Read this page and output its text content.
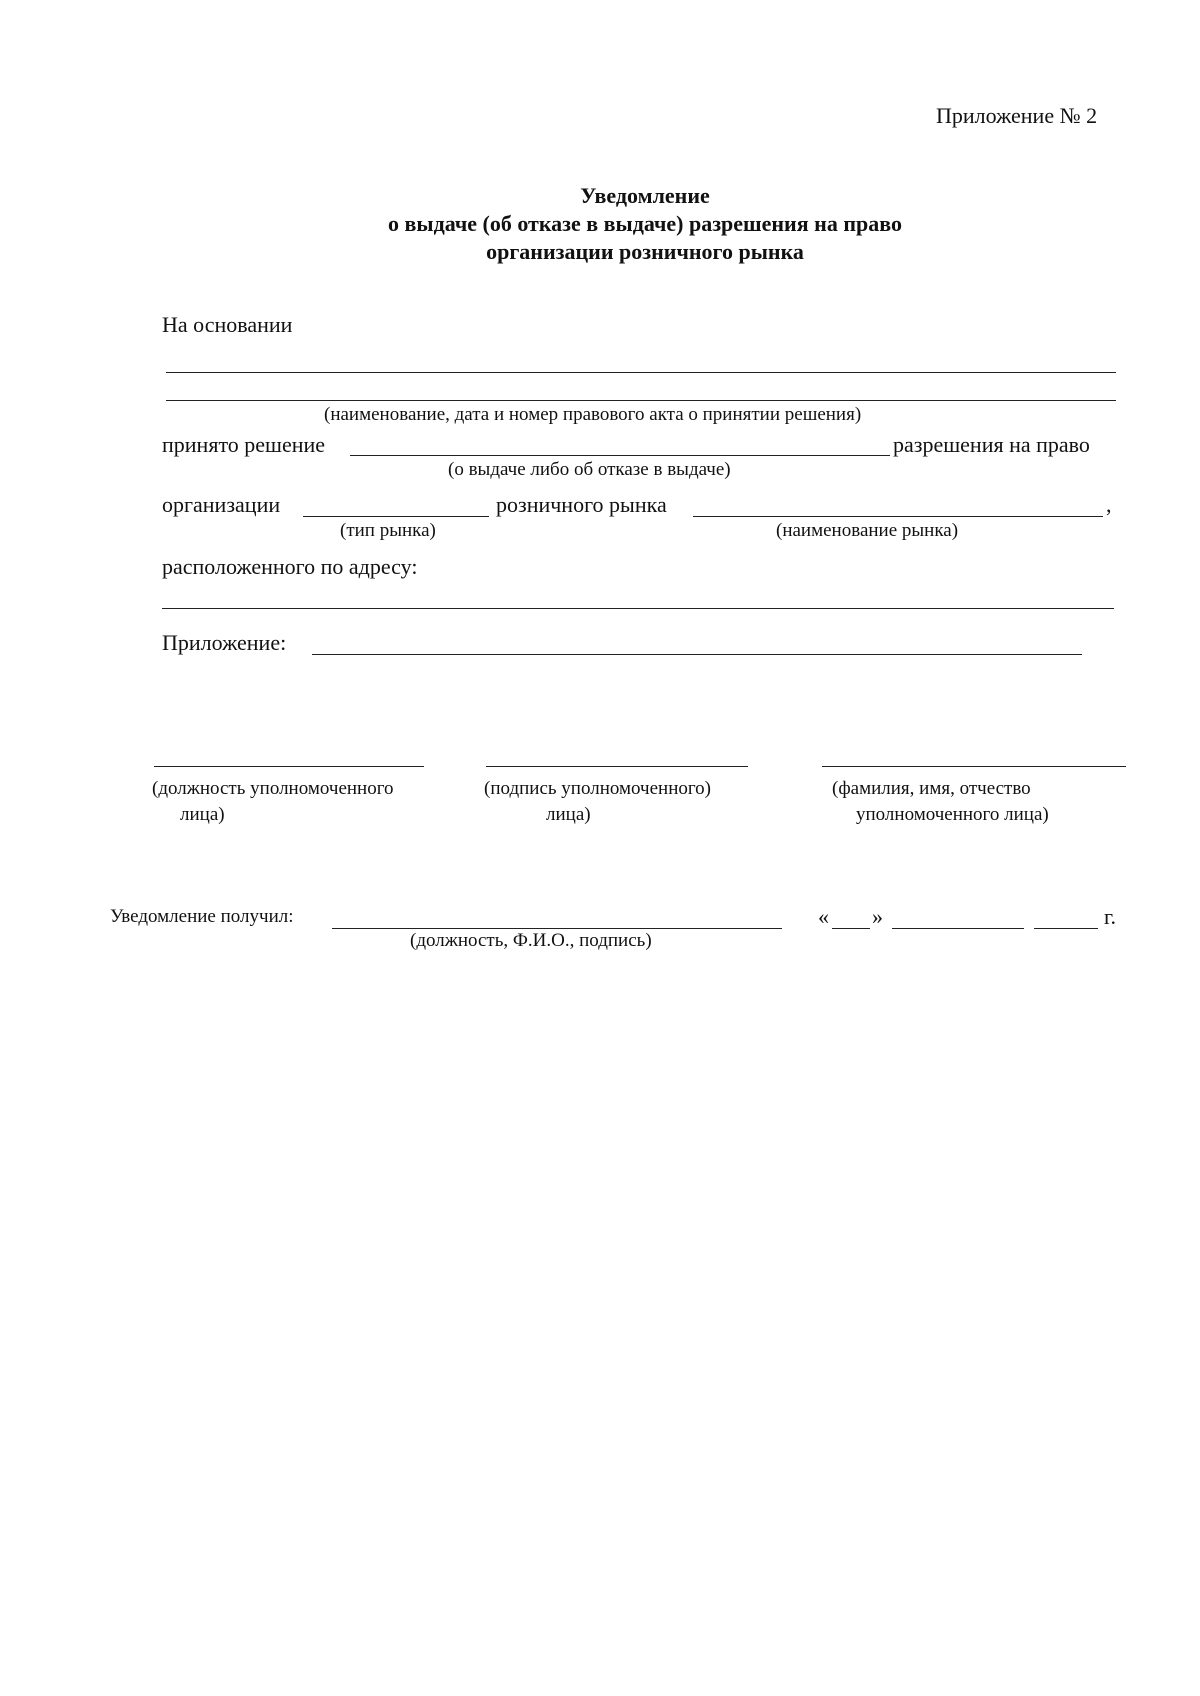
Приложение № 2
Уведомление
о выдаче (об отказе в выдаче) разрешения на право
организации розничного рынка
На основании
(наименование, дата и номер правового акта о принятии решения)
принято решение	разрешения на право
(о выдаче либо об отказе в выдаче)
организации	розничного рынка	,
(тип рынка)	(наименование рынка)
расположенного по адресу:
Приложение:
(должность уполномоченного
лица)
(подпись уполномоченного)
лица)
(фамилия, имя, отчество
уполномоченного лица)
Уведомление получил:	« »	г.
(должность, Ф.И.О., подпись)
